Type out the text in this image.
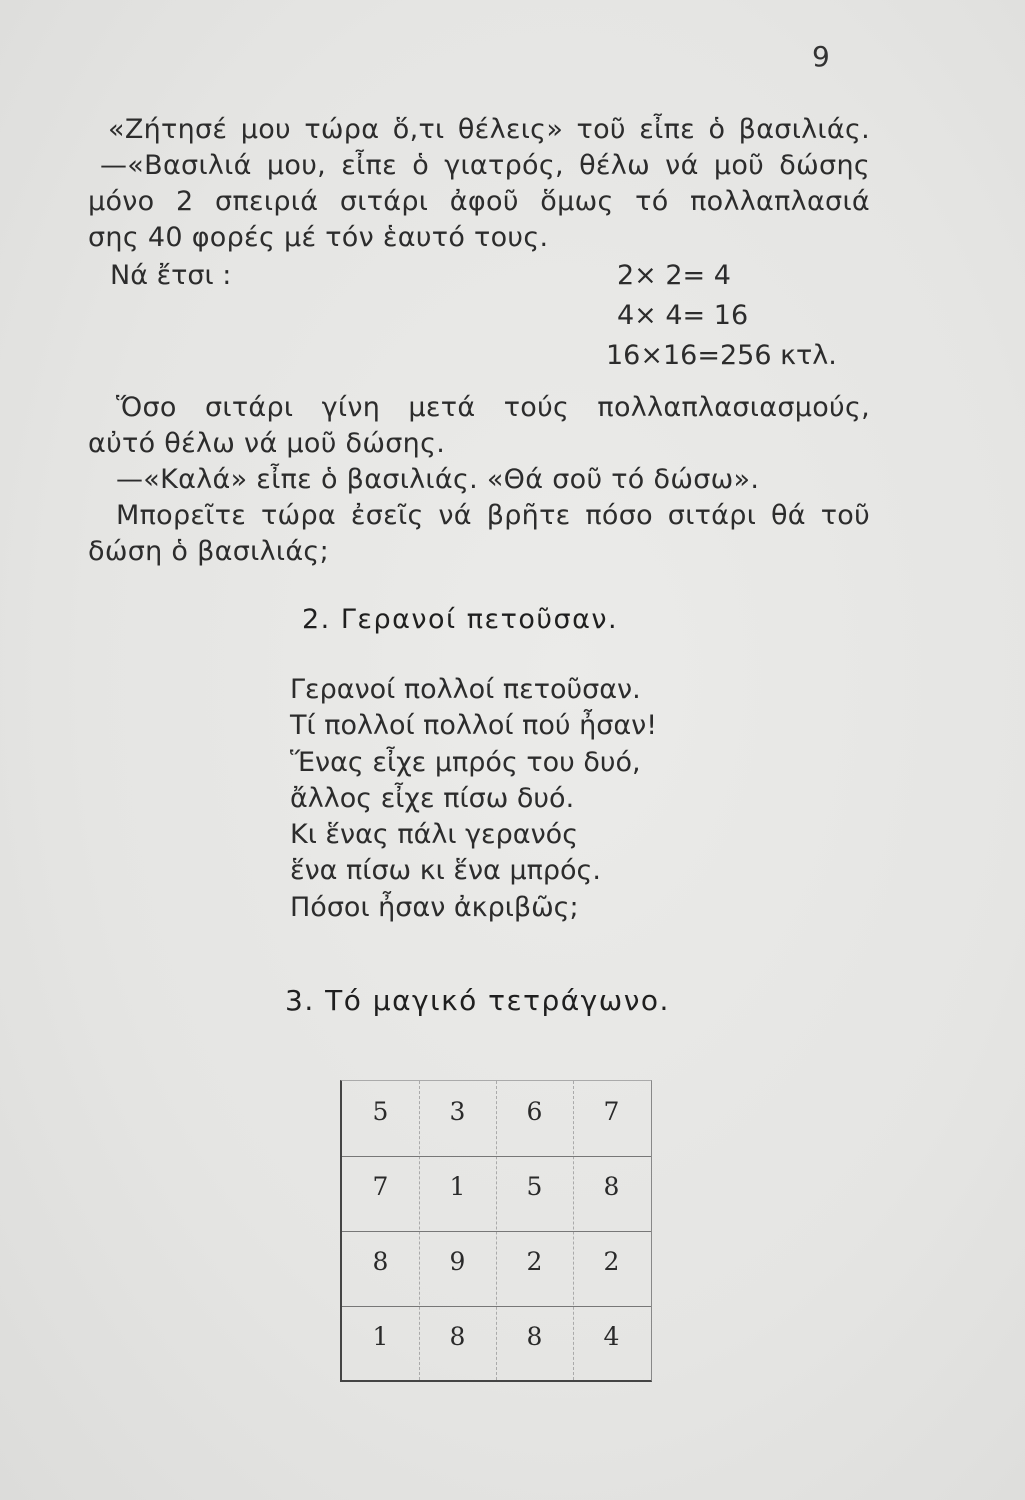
9
«Ζήτησέ μου τώρα ὅ,τι θέλεις» τοῦ εἶπε ὁ βασιλιάς.
—«Βασιλιά μου, εἶπε ὁ γιατρός, θέλω νά μοῦ δώσης
μόνο 2 σπειριά σιτάρι ἀφοῦ ὅμως τό πολλαπλασιά
σης 40 φορές μέ τόν ἑαυτό τους.
Νά ἔτσι :	2× 2= 4
4× 4= 16
16×16=256 κτλ.
Ὅσο σιτάρι γίνη μετά τούς πολλαπλασιασμούς,
αὐτό θέλω νά μοῦ δώσης.
—«Καλά» εἶπε ὁ βασιλιάς. «Θά σοῦ τό δώσω».
Μπορεῖτε τώρα ἐσεῖς νά βρῆτε πόσο σιτάρι θά τοῦ
δώση ὁ βασιλιάς;
2. Γερανοί πετοῦσαν.
Γερανοί πολλοί πετοῦσαν.
Τί πολλοί πολλοί πού ἦσαν!
Ἕνας εἶχε μπρός του δυό,
ἄλλος εἶχε πίσω δυό.
Κι ἕνας πάλι γερανός
ἕνα πίσω κι ἕνα μπρός.
Πόσοι ἦσαν ἀκριβῶς;
3. Τό μαγικό τετράγωνο.
5	3	6	7
7	1	5	8
8	9	2	2
1	8	8	4
